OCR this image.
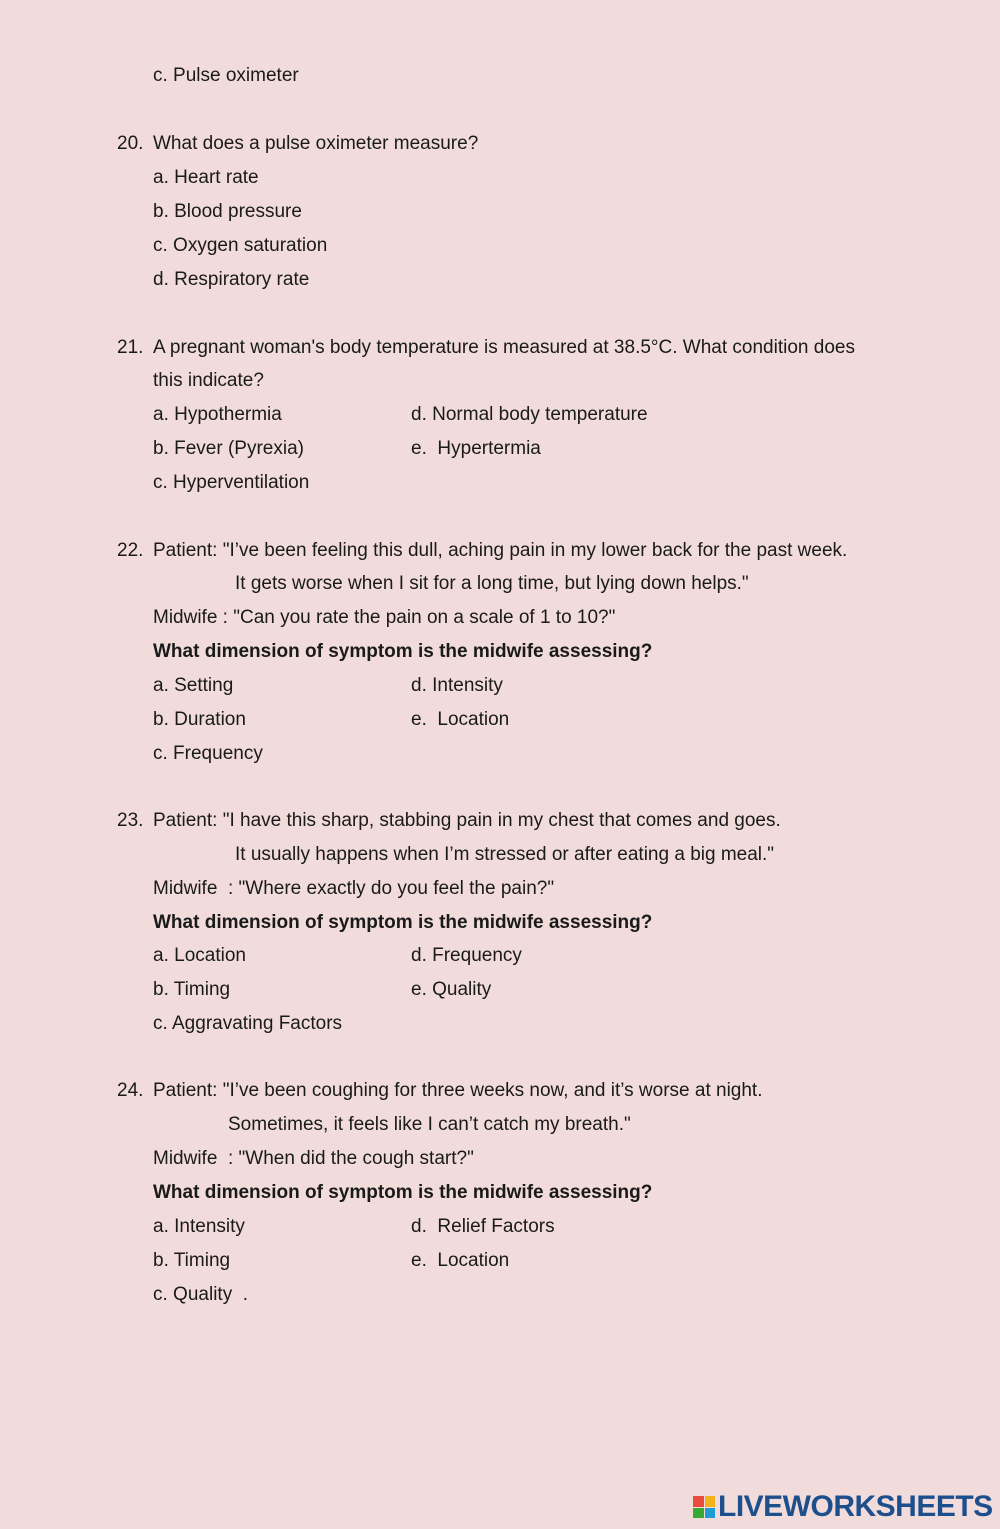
c. Pulse oximeter
20. What does a pulse oximeter measure?
a. Heart rate
b. Blood pressure
c. Oxygen saturation
d. Respiratory rate
21. A pregnant woman's body temperature is measured at 38.5°C. What condition does
this indicate?
a. Hypothermia	d. Normal body temperature
b. Fever (Pyrexia)	e.  Hypertermia
c. Hyperventilation
22. Patient: "I’ve been feeling this dull, aching pain in my lower back for the past week.
It gets worse when I sit for a long time, but lying down helps."
Midwife : "Can you rate the pain on a scale of 1 to 10?"
What dimension of symptom is the midwife assessing?
a. Setting	d. Intensity
b. Duration	e.  Location
c. Frequency
23. Patient: "I have this sharp, stabbing pain in my chest that comes and goes.
It usually happens when I’m stressed or after eating a big meal."
Midwife  : "Where exactly do you feel the pain?"
What dimension of symptom is the midwife assessing?
a. Location	d. Frequency
b. Timing	e. Quality
c. Aggravating Factors
24. Patient: "I’ve been coughing for three weeks now, and it’s worse at night.
Sometimes, it feels like I can’t catch my breath."
Midwife  : "When did the cough start?"
What dimension of symptom is the midwife assessing?
a. Intensity	d.  Relief Factors
b. Timing	e.  Location
c. Quality  .
LIVEWORKSHEETS
